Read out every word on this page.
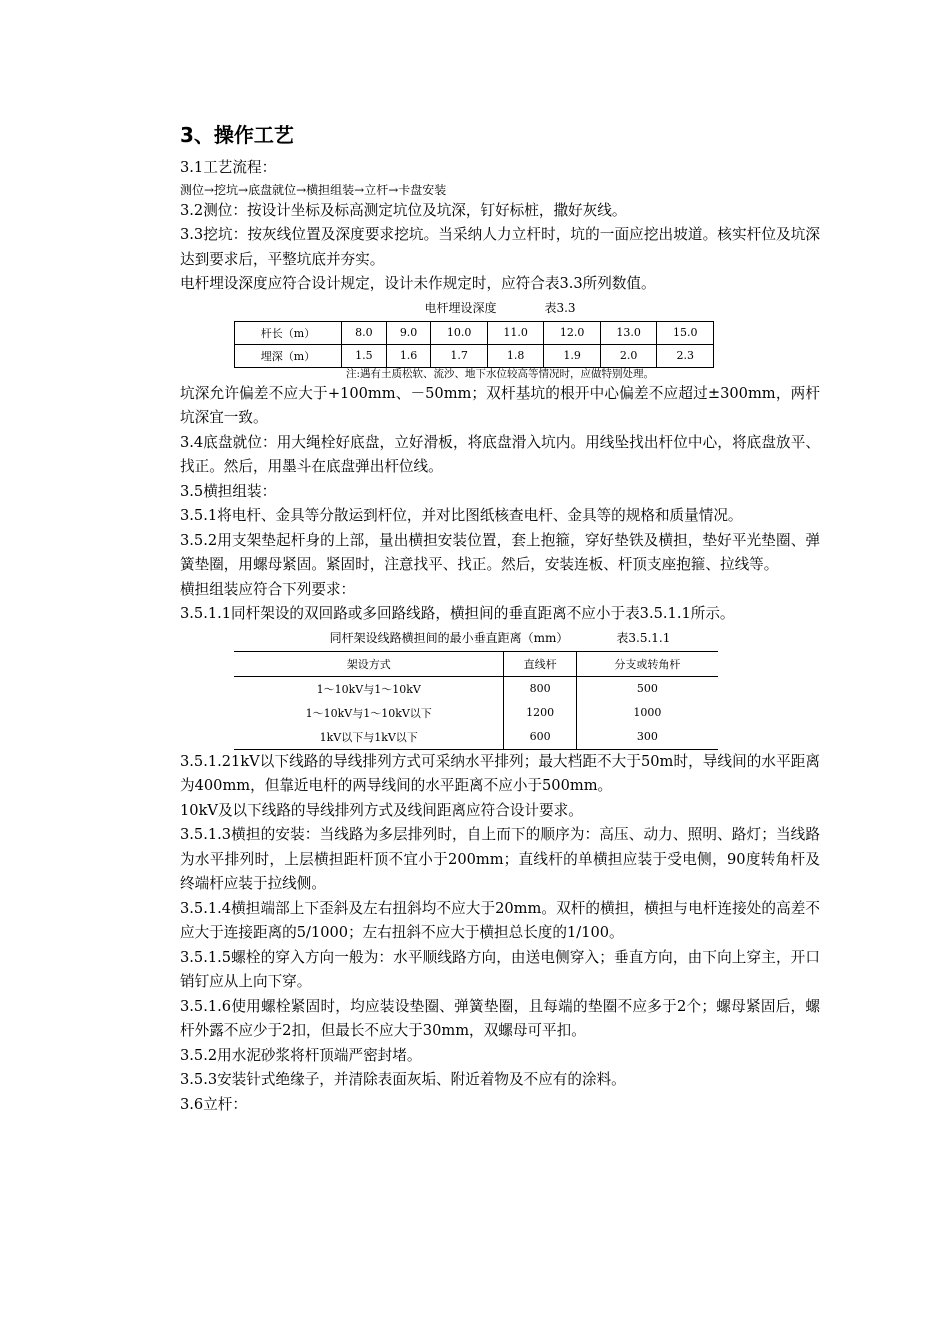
3、操作工艺

3.1工艺流程：

测位→挖坑→底盘就位→横担组装→立杆→卡盘安装

3.2测位：按设计坐标及标高测定坑位及坑深，钉好标桩，撒好灰线。

3.3挖坑：按灰线位置及深度要求挖坑。当采纳人力立杆时，坑的一面应挖出坡道。核实杆位及坑深达到要求后，平整坑底并夯实。

电杆埋设深度应符合设计规定，设计未作规定时，应符合表3.3所列数值。

电杆埋设深度	表3.3
杆长（m）	8.0	9.0	10.0	11.0	12.0	13.0	15.0
埋深（m）	1.5	1.6	1.7	1.8	1.9	2.0	2.3
注:遇有土质松软、流沙、地下水位较高等情况时，应做特别处理。

坑深允许偏差不应大于+100mm、－50mm；双杆基坑的根开中心偏差不应超过±300mm，两杆坑深宜一致。

3.4底盘就位：用大绳栓好底盘，立好滑板，将底盘滑入坑内。用线坠找出杆位中心，将底盘放平、找正。然后，用墨斗在底盘弹出杆位线。

3.5横担组装：

3.5.1将电杆、金具等分散运到杆位，并对比图纸核查电杆、金具等的规格和质量情况。

3.5.2用支架垫起杆身的上部，量出横担安装位置，套上抱箍，穿好垫铁及横担，垫好平光垫圈、弹簧垫圈，用螺母紧固。紧固时，注意找平、找正。然后，安装连板、杆顶支座抱箍、拉线等。

横担组装应符合下列要求：

3.5.1.1同杆架设的双回路或多回路线路，横担间的垂直距离不应小于表3.5.1.1所示。

同杆架设线路横担间的最小垂直距离（mm）	表3.5.1.1
架设方式	直线杆	分支或转角杆
1～10kV与1～10kV	800	500
1～10kV与1～10kV以下	1200	1000
1kV以下与1kV以下	600	300

3.5.1.21kV以下线路的导线排列方式可采纳水平排列；最大档距不大于50m时，导线间的水平距离为400mm，但靠近电杆的两导线间的水平距离不应小于500mm。

10kV及以下线路的导线排列方式及线间距离应符合设计要求。

3.5.1.3横担的安装：当线路为多层排列时，自上而下的顺序为：高压、动力、照明、路灯；当线路为水平排列时，上层横担距杆顶不宜小于200mm；直线杆的单横担应装于受电侧，90度转角杆及终端杆应装于拉线侧。

3.5.1.4横担端部上下歪斜及左右扭斜均不应大于20mm。双杆的横担，横担与电杆连接处的高差不应大于连接距离的5/1000；左右扭斜不应大于横担总长度的1/100。

3.5.1.5螺栓的穿入方向一般为：水平顺线路方向，由送电侧穿入；垂直方向，由下向上穿主，开口销钉应从上向下穿。

3.5.1.6使用螺栓紧固时，均应装设垫圈、弹簧垫圈，且每端的垫圈不应多于2个；螺母紧固后，螺杆外露不应少于2扣，但最长不应大于30mm，双螺母可平扣。

3.5.2用水泥砂浆将杆顶端严密封堵。

3.5.3安装针式绝缘子，并清除表面灰垢、附近着物及不应有的涂料。

3.6立杆：
